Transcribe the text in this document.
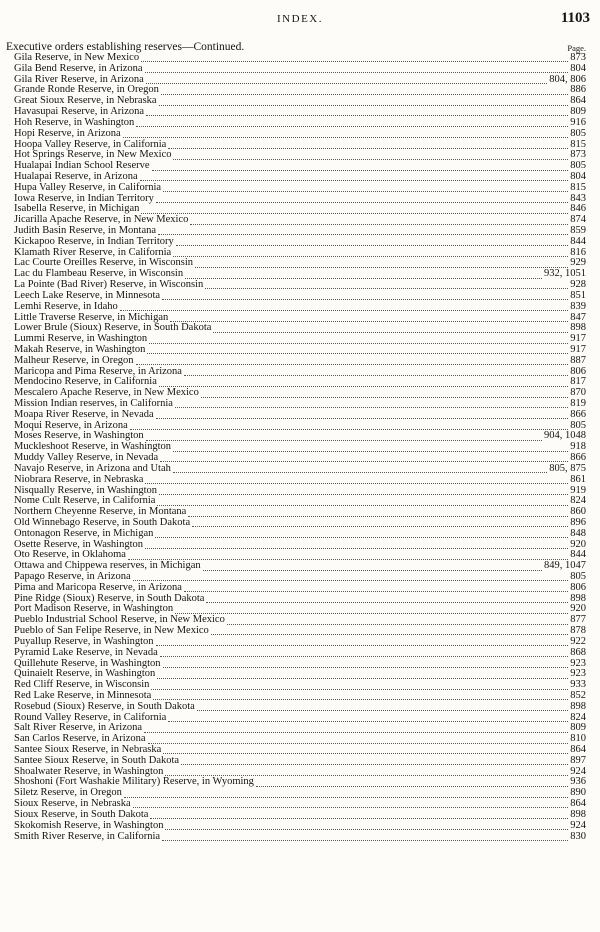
INDEX.	1103
Executive orders establishing reserves—Continued.	Page.
Gila Reserve, in New Mexico	873
Gila Bend Reserve, in Arizona	804
Gila River Reserve, in Arizona	804, 806
Grande Ronde Reserve, in Oregon	886
Great Sioux Reserve, in Nebraska	864
Havasupai Reserve, in Arizona	809
Hoh Reserve, in Washington	916
Hopi Reserve, in Arizona	805
Hoopa Valley Reserve, in California	815
Hot Springs Reserve, in New Mexico	873
Hualapai Indian School Reserve	805
Hualapai Reserve, in Arizona	804
Hupa Valley Reserve, in California	815
Iowa Reserve, in Indian Territory	843
Isabella Reserve, in Michigan	846
Jicarilla Apache Reserve, in New Mexico	874
Judith Basin Reserve, in Montana	859
Kickapoo Reserve, in Indian Territory	844
Klamath River Reserve, in California	816
Lac Courte Oreilles Reserve, in Wisconsin	929
Lac du Flambeau Reserve, in Wisconsin	932, 1051
La Pointe (Bad River) Reserve, in Wisconsin	928
Leech Lake Reserve, in Minnesota	851
Lemhi Reserve, in Idaho	839
Little Traverse Reserve, in Michigan	847
Lower Brule (Sioux) Reserve, in South Dakota	898
Lummi Reserve, in Washington	917
Makah Reserve, in Washington	917
Malheur Reserve, in Oregon	887
Maricopa and Pima Reserve, in Arizona	806
Mendocino Reserve, in California	817
Mescalero Apache Reserve, in New Mexico	870
Mission Indian reserves, in California	819
Moapa River Reserve, in Nevada	866
Moqui Reserve, in Arizona	805
Moses Reserve, in Washington	904, 1048
Muckleshoot Reserve, in Washington	918
Muddy Valley Reserve, in Nevada	866
Navajo Reserve, in Arizona and Utah	805, 875
Niobrara Reserve, in Nebraska	861
Nisqually Reserve, in Washington	919
Nome Cult Reserve, in California	824
Northern Cheyenne Reserve, in Montana	860
Old Winnebago Reserve, in South Dakota	896
Ontonagon Reserve, in Michigan	848
Osette Reserve, in Washington	920
Oto Reserve, in Oklahoma	844
Ottawa and Chippewa reserves, in Michigan	849, 1047
Papago Reserve, in Arizona	805
Pima and Maricopa Reserve, in Arizona	806
Pine Ridge (Sioux) Reserve, in South Dakota	898
Port Madison Reserve, in Washington	920
Pueblo Industrial School Reserve, in New Mexico	877
Pueblo of San Felipe Reserve, in New Mexico	878
Puyallup Reserve, in Washington	922
Pyramid Lake Reserve, in Nevada	868
Quillehute Reserve, in Washington	923
Quinaielt Reserve, in Washington	923
Red Cliff Reserve, in Wisconsin	933
Red Lake Reserve, in Minnesota	852
Rosebud (Sioux) Reserve, in South Dakota	898
Round Valley Reserve, in California	824
Salt River Reserve, in Arizona	809
San Carlos Reserve, in Arizona	810
Santee Sioux Reserve, in Nebraska	864
Santee Sioux Reserve, in South Dakota	897
Shoalwater Reserve, in Washington	924
Shoshoni (Fort Washakie Military) Reserve, in Wyoming	936
Siletz Reserve, in Oregon	890
Sioux Reserve, in Nebraska	864
Sioux Reserve, in South Dakota	898
Skokomish Reserve, in Washington	924
Smith River Reserve, in California	830
